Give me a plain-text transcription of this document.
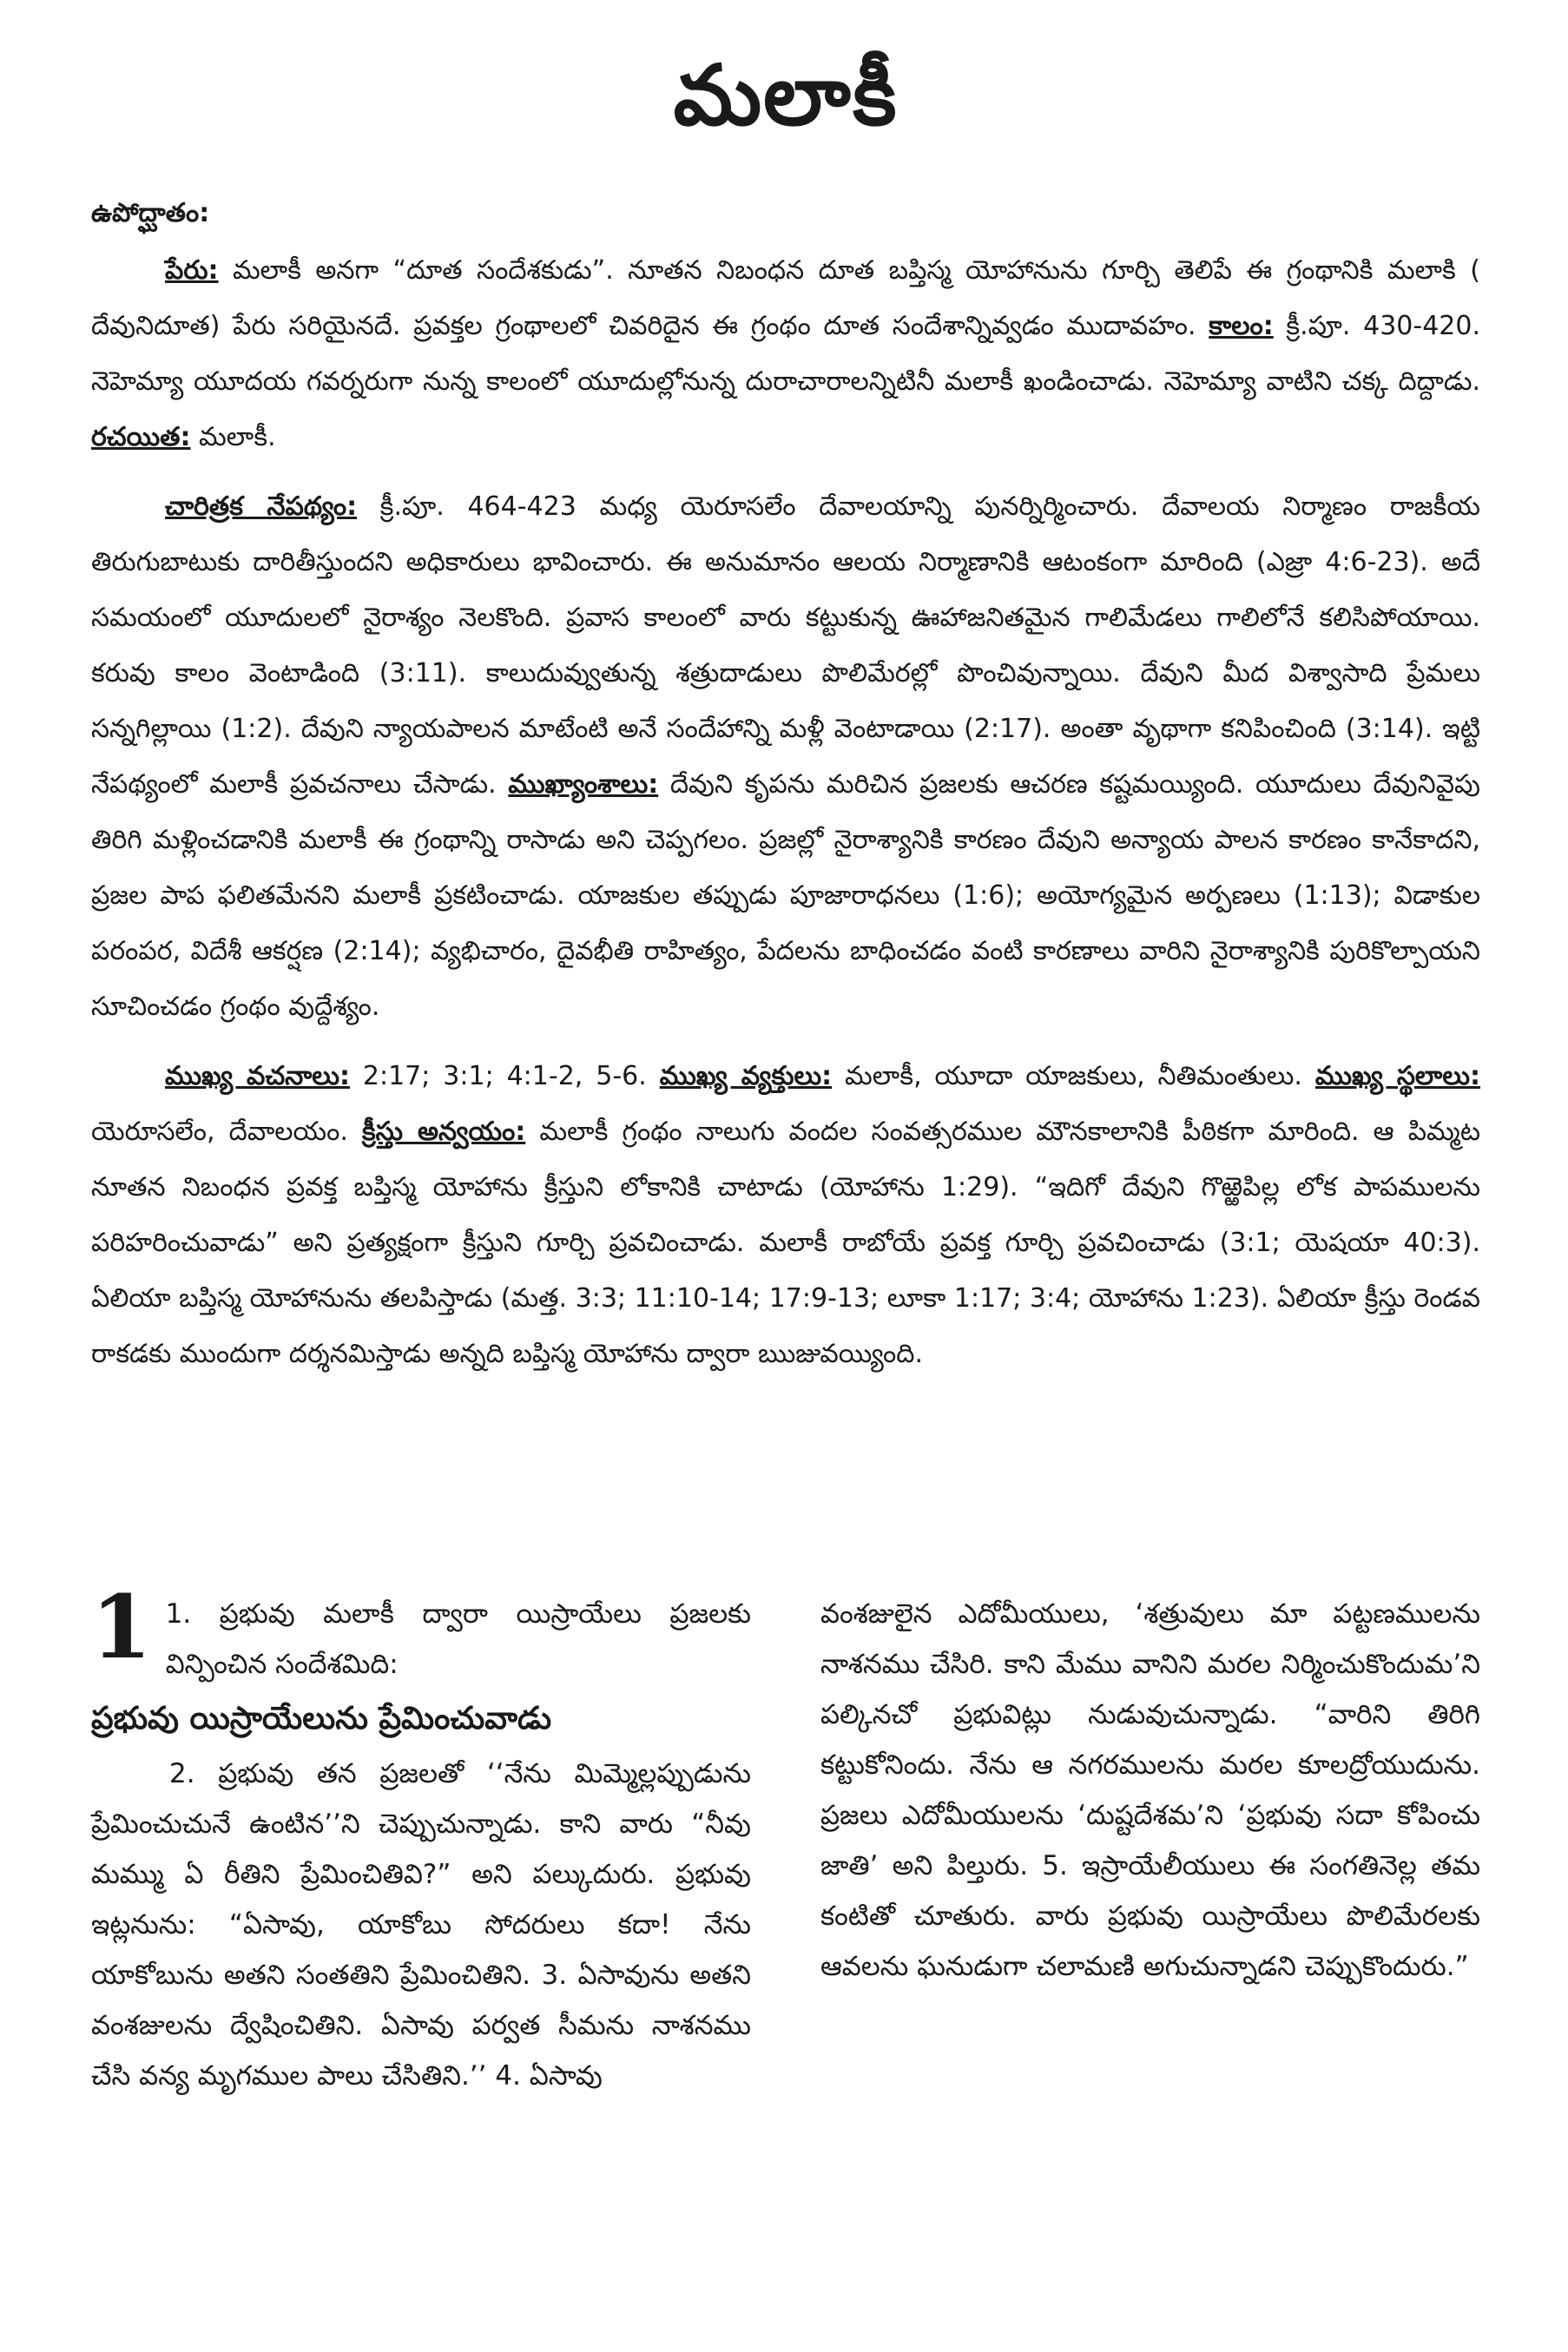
మలాకీ
ఉపోద్ఘాతం:

పేరు: మలాకీ అనగా “దూత సందేశకుడు”. నూతన నిబంధన దూత బప్తిస్మ యోహానును గూర్చి తెలిపే ఈ గ్రంథానికి మలాకి ( దేవునిదూత) పేరు సరియైనదే. ప్రవక్తల గ్రంథాలలో చివరిదైన ఈ గ్రంథం దూత సందేశాన్నివ్వడం ముదావహం. కాలం: క్రీ.పూ. 430-420. నెహెమ్యా యూదయ గవర్నరుగా నున్న కాలంలో యూదుల్లోనున్న దురాచారాలన్నిటినీ మలాకీ ఖండించాడు. నెహెమ్యా వాటిని చక్క దిద్దాడు. రచయిత: మలాకీ.

చారిత్రక నేపథ్యం: క్రీ.పూ. 464-423 మధ్య యెరూసలేం దేవాలయాన్ని పునర్నిర్మించారు. దేవాలయ నిర్మాణం రాజకీయ తిరుగుబాటుకు దారితీస్తుందని అధికారులు భావించారు. ఈ అనుమానం ఆలయ నిర్మాణానికి ఆటంకంగా మారింది (ఎజ్రా 4:6-23). అదే సమయంలో యూదులలో నైరాశ్యం నెలకొంది. ప్రవాస కాలంలో వారు కట్టుకున్న ఊహాజనితమైన గాలిమేడలు గాలిలోనే కలిసిపోయాయి. కరువు కాలం వెంటాడింది (3:11). కాలుదువ్వుతున్న శత్రుదాడులు పొలిమేరల్లో పొంచివున్నాయి. దేవుని మీద విశ్వాసాది ప్రేమలు సన్నగిల్లాయి (1:2). దేవుని న్యాయపాలన మాటేంటి అనే సందేహాన్ని మళ్లీ వెంటాడాయి (2:17). అంతా వృథాగా కనిపించింది (3:14). ఇట్టి నేపథ్యంలో మలాకీ ప్రవచనాలు చేసాడు. ముఖ్యాంశాలు: దేవుని కృపను మరిచిన ప్రజలకు ఆచరణ కష్టమయ్యింది. యూదులు దేవునివైపు తిరిగి మళ్లించడానికి మలాకీ ఈ గ్రంథాన్ని రాసాడు అని చెప్పగలం. ప్రజల్లో నైరాశ్యానికి కారణం దేవుని అన్యాయ పాలన కారణం కానేకాదని, ప్రజల పాప ఫలితమేనని మలాకీ ప్రకటించాడు. యాజకుల తప్పుడు పూజారాధనలు (1:6); అయోగ్యమైన అర్పణలు (1:13); విడాకుల పరంపర, విదేశీ ఆకర్షణ (2:14); వ్యభిచారం, దైవభీతి రాహిత్యం, పేదలను బాధించడం వంటి కారణాలు వారిని నైరాశ్యానికి పురికొల్పాయని సూచించడం గ్రంథం వుద్దేశ్యం.

ముఖ్య వచనాలు: 2:17; 3:1; 4:1-2, 5-6. ముఖ్య వ్యక్తులు: మలాకీ, యూదా యాజకులు, నీతిమంతులు. ముఖ్య స్థలాలు: యెరూసలేం, దేవాలయం. క్రీస్తు అన్వయం: మలాకీ గ్రంథం నాలుగు వందల సంవత్సరముల మౌనకాలానికి పీఠికగా మారింది. ఆ పిమ్మట నూతన నిబంధన ప్రవక్త బప్తిస్మ యోహాను క్రీస్తుని లోకానికి చాటాడు (యోహాను 1:29). “ఇదిగో దేవుని గొఱ్ఱెపిల్ల లోక పాపములను పరిహరించువాడు” అని ప్రత్యక్షంగా క్రీస్తుని గూర్చి ప్రవచించాడు. మలాకీ రాబోయే ప్రవక్త గూర్చి ప్రవచించాడు (3:1; యెషయా 40:3). ఏలియా బప్తిస్మ యోహానును తలపిస్తాడు (మత్త. 3:3; 11:10-14; 17:9-13; లూకా 1:17; 3:4; యోహాను 1:23). ఏలియా క్రీస్తు రెండవ రాకడకు ముందుగా దర్శనమిస్తాడు అన్నది బప్తిస్మ యోహాను ద్వారా ఋజువయ్యింది.

1 1. ప్రభువు మలాకీ ద్వారా యిస్రాయేలు ప్రజలకు విన్పించిన సందేశమిది:

ప్రభువు యిస్రాయేలును ప్రేమించువాడు

2. ప్రభువు తన ప్రజలతో ‘‘నేను మిమ్మెల్లప్పుడును ప్రేమించుచునే ఉంటిన’’ని చెప్పుచున్నాడు. కాని వారు “నీవు మమ్ము ఏ రీతిని ప్రేమించితివి?” అని పల్కుదురు. ప్రభువు ఇట్లనును: “ఏసావు, యాకోబు సోదరులు కదా! నేను యాకోబును అతని సంతతిని ప్రేమించితిని. 3. ఏసావును అతని వంశజులను ద్వేషించితిని. ఏసావు పర్వత సీమను నాశనము చేసి వన్య మృగముల పాలు చేసితిని.’’ 4. ఏసావు

వంశజులైన ఎదోమీయులు, ‘శత్రువులు మా పట్టణములను నాశనము చేసిరి. కాని మేము వానిని మరల నిర్మించుకొందుమ’ని పల్కినచో ప్రభువిట్లు నుడువుచున్నాడు. “వారిని తిరిగి కట్టుకోనిందు. నేను ఆ నగరములను మరల కూలద్రోయుదును. ప్రజలు ఎదోమీయులను ‘దుష్టదేశమ’ని ‘ప్రభువు సదా కోపించు జాతి’ అని పిల్తురు. 5. ఇస్రాయేలీయులు ఈ సంగతినెల్ల తమ కంటితో చూతురు. వారు ప్రభువు యిస్రాయేలు పొలిమేరలకు ఆవలను ఘనుడుగా చలామణి అగుచున్నాడని చెప్పుకొందురు.”
